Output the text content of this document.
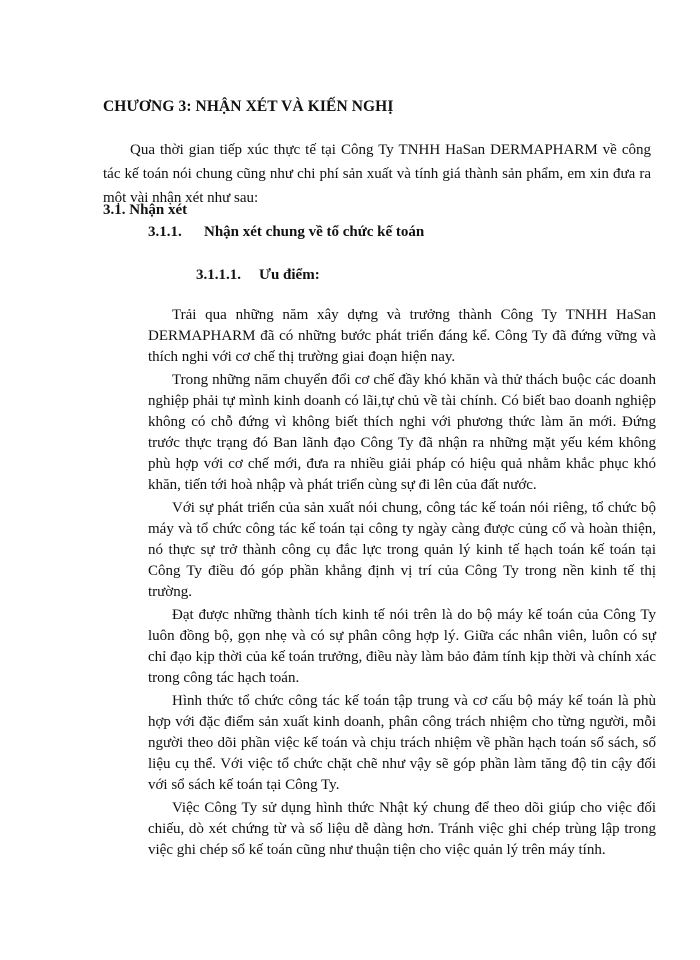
CHƯƠNG 3: NHẬN XÉT VÀ KIẾN NGHỊ

Qua thời gian tiếp xúc thực tế tại Công Ty TNHH HaSan DERMAPHARM về công tác kế toán nói chung cũng như chi phí sản xuất và tính giá thành sản phẩm, em xin đưa ra một vài nhận xét như sau:

3.1. Nhận xét
3.1.1. Nhận xét chung về tổ chức kế toán
3.1.1.1. Ưu điểm:

Trải qua những năm xây dựng và trưởng thành Công Ty TNHH HaSan DERMAPHARM đã có những bước phát triển đáng kể. Công Ty đã đứng vững và thích nghi với cơ chế thị trường giai đoạn hiện nay.

Trong những năm chuyển đổi cơ chế đầy khó khăn và thử thách buộc các doanh nghiệp phải tự mình kinh doanh có lãi,tự chủ về tài chính. Có biết bao doanh nghiệp không có chỗ đứng vì không biết thích nghi với phương thức làm ăn mới. Đứng trước thực trạng đó Ban lãnh đạo Công Ty đã nhận ra những mặt yếu kém không phù hợp với cơ chế mới, đưa ra nhiều giải pháp có hiệu quả nhằm khắc phục khó khăn, tiến tới hoà nhập và phát triển cùng sự đi lên của đất nước.

Với sự phát triển của sản xuất nói chung, công tác kế toán nói riêng, tổ chức bộ máy và tổ chức công tác kế toán tại công ty ngày càng được củng cố và hoàn thiện, nó thực sự trở thành công cụ đắc lực trong quản lý kinh tế hạch toán kế toán tại Công Ty điều đó góp phần khẳng định vị trí của Công Ty trong nền kinh tế thị trường.

Đạt được những thành tích kinh tế nói trên là do bộ máy kế toán của Công Ty luôn đồng bộ, gọn nhẹ và có sự phân công hợp lý. Giữa các nhân viên, luôn có sự chỉ đạo kịp thời của kế toán trưởng, điều này làm bảo đảm tính kịp thời và chính xác trong công tác hạch toán.

Hình thức tổ chức công tác kế toán tập trung và cơ cấu bộ máy kế toán là phù hợp với đặc điểm sản xuất kinh doanh, phân công trách nhiệm cho từng người, mỗi người theo dõi phần việc kế toán và chịu trách nhiệm về phần hạch toán sổ sách, số liệu cụ thể. Với việc tổ chức chặt chẽ như vậy sẽ góp phần làm tăng độ tin cậy đối với sổ sách kế toán tại Công Ty.

Việc Công Ty sử dụng hình thức Nhật ký chung để theo dõi giúp cho việc đối chiếu, dò xét chứng từ và số liệu dễ dàng hơn. Tránh việc ghi chép trùng lập trong việc ghi chép sổ kế toán cũng như thuận tiện cho việc quản lý trên máy tính.
